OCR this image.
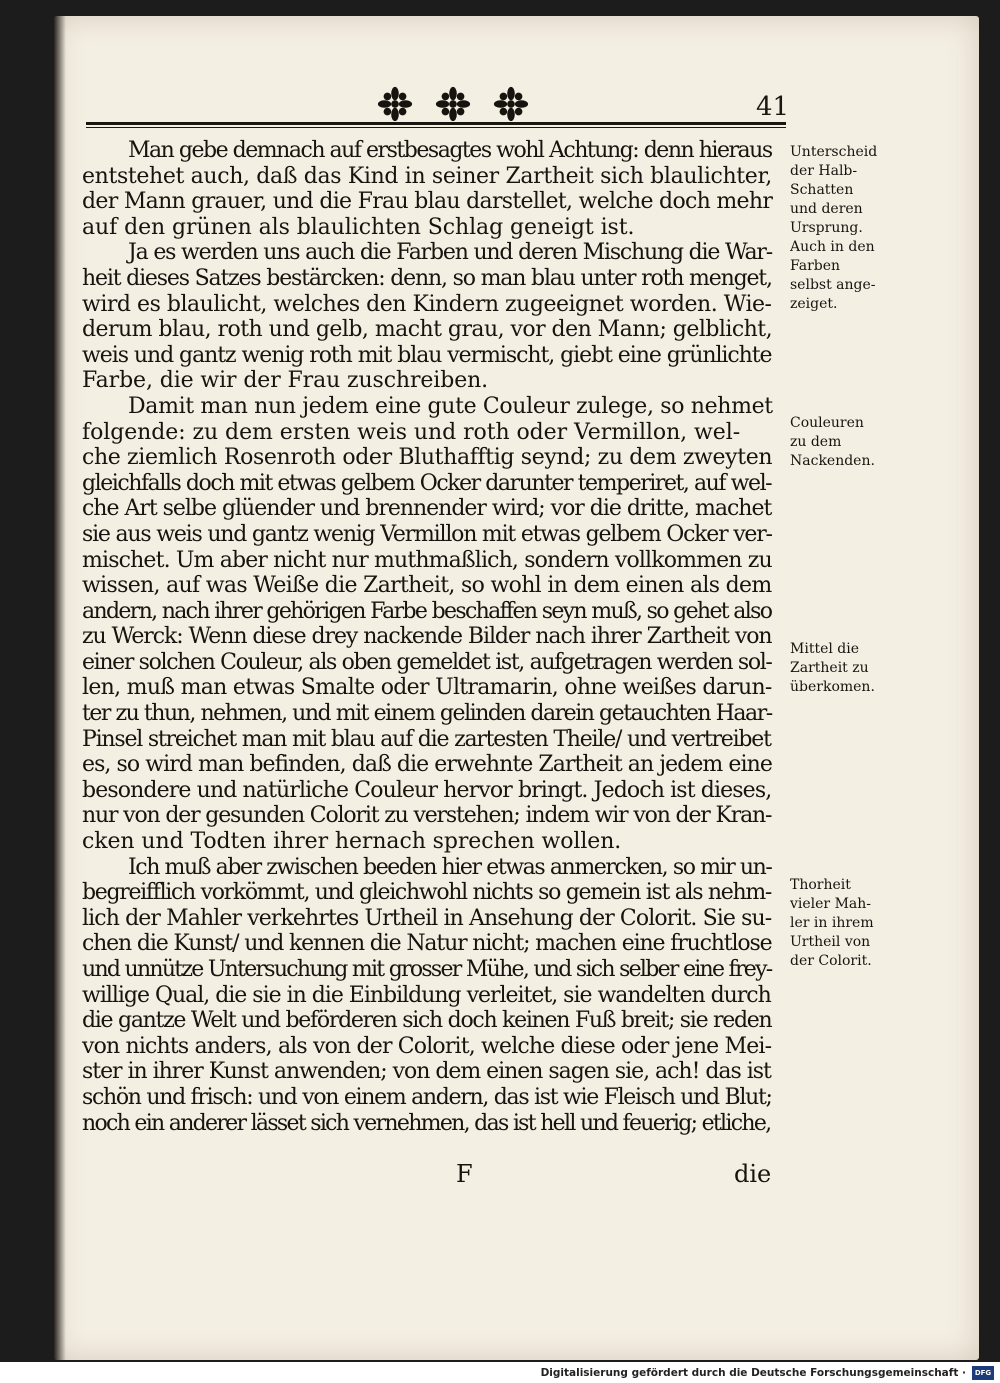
41
Man gebe demnach auf erstbesagtes wohl Achtung: denn hieraus
entstehet auch, daß das Kind in seiner Zartheit sich blaulichter,
der Mann grauer, und die Frau blau darstellet, welche doch mehr
auf den grünen als blaulichten Schlag geneigt ist.
Ja es werden uns auch die Farben und deren Mischung die War-
heit dieses Satzes bestärcken: denn, so man blau unter roth menget,
wird es blaulicht, welches den Kindern zugeeignet worden. Wie-
derum blau, roth und gelb, macht grau, vor den Mann; gelblicht,
weis und gantz wenig roth mit blau vermischt, giebt eine grünlichte
Farbe, die wir der Frau zuschreiben.
Damit man nun jedem eine gute Couleur zulege, so nehmet
folgende: zu dem ersten weis und roth oder Vermillon, wel-
che ziemlich Rosenroth oder Bluthafftig seynd; zu dem zweyten
gleichfalls doch mit etwas gelbem Ocker darunter temperiret, auf wel-
che Art selbe glüender und brennender wird; vor die dritte, machet
sie aus weis und gantz wenig Vermillon mit etwas gelbem Ocker ver-
mischet. Um aber nicht nur muthmaßlich, sondern vollkommen zu
wissen, auf was Weiße die Zartheit, so wohl in dem einen als dem
andern, nach ihrer gehörigen Farbe beschaffen seyn muß, so gehet also
zu Werck: Wenn diese drey nackende Bilder nach ihrer Zartheit von
einer solchen Couleur, als oben gemeldet ist, aufgetragen werden sol-
len, muß man etwas Smalte oder Ultramarin, ohne weißes darun-
ter zu thun, nehmen, und mit einem gelinden darein getauchten Haar-
Pinsel streichet man mit blau auf die zartesten Theile/ und vertreibet
es, so wird man befinden, daß die erwehnte Zartheit an jedem eine
besondere und natürliche Couleur hervor bringt. Jedoch ist dieses,
nur von der gesunden Colorit zu verstehen; indem wir von der Kran-
cken und Todten ihrer hernach sprechen wollen.
Ich muß aber zwischen beeden hier etwas anmercken, so mir un-
begreifflich vorkömmt, und gleichwohl nichts so gemein ist als nehm-
lich der Mahler verkehrtes Urtheil in Ansehung der Colorit. Sie su-
chen die Kunst/ und kennen die Natur nicht; machen eine fruchtlose
und unnütze Untersuchung mit grosser Mühe, und sich selber eine frey-
willige Qual, die sie in die Einbildung verleitet, sie wandelten durch
die gantze Welt und beförderen sich doch keinen Fuß breit; sie reden
von nichts anders, als von der Colorit, welche diese oder jene Mei-
ster in ihrer Kunst anwenden; von dem einen sagen sie, ach! das ist
schön und frisch: und von einem andern, das ist wie Fleisch und Blut;
noch ein anderer lässet sich vernehmen, das ist hell und feuerig; etliche,
Unterscheid
der Halb-
Schatten
und deren
Ursprung.
Auch in den
Farben
selbst ange-
zeiget.
Couleuren
zu dem
Nackenden.
Mittel die
Zartheit zu
überkomen.
Thorheit
vieler Mah-
ler in ihrem
Urtheil von
der Colorit.
F	die
Digitalisierung gefördert durch die Deutsche Forschungsgemeinschaft ·	DFG
